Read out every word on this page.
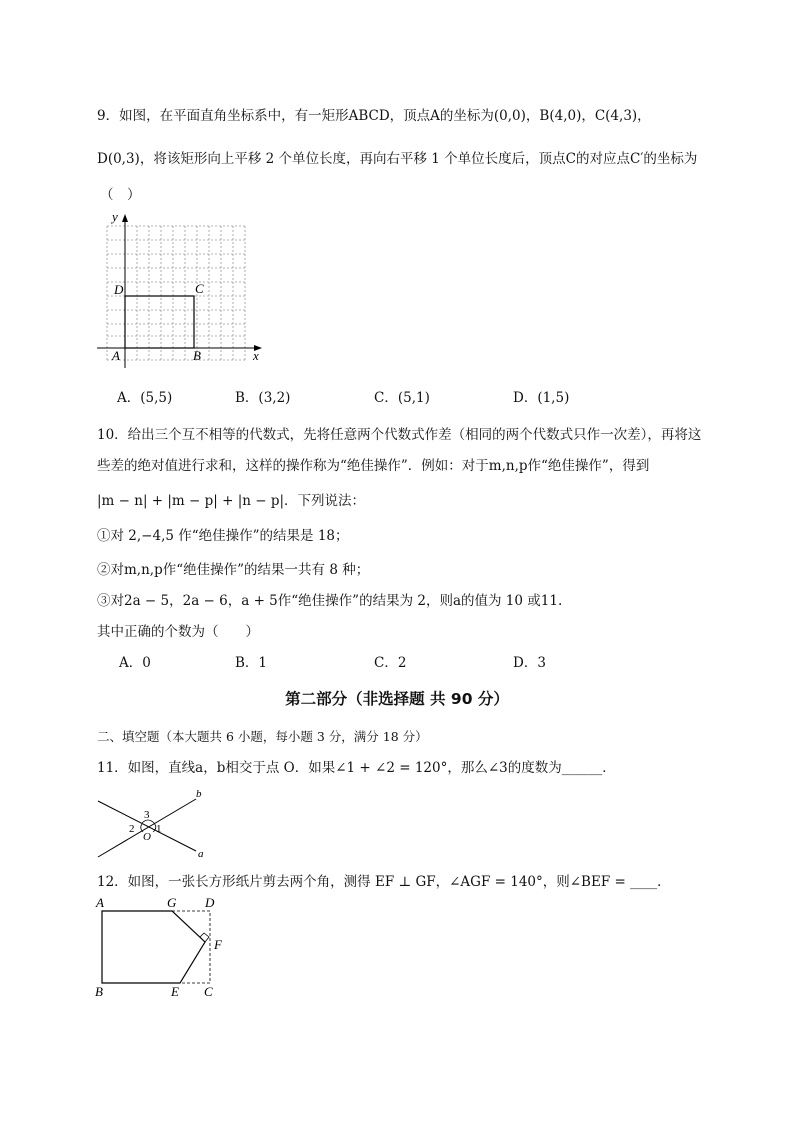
9．如图，在平面直角坐标系中，有一矩形ABCD，顶点A的坐标为(0,0)，B(4,0)，C(4,3)，
D(0,3)，将该矩形向上平移 2 个单位长度，再向右平移 1 个单位长度后，顶点C的对应点C′的坐标为
（　）
x
y
A	B
C
D
A．(5,5)	B．(3,2)	C．(5,1)	D．(1,5)
10．给出三个互不相等的代数式，先将任意两个代数式作差（相同的两个代数式只作一次差），再将这
些差的绝对值进行求和，这样的操作称为“绝佳操作”．例如：对于m,n,p作“绝佳操作”，得到
|m − n| + |m − p| + |n − p|．下列说法：
①对 2,−4,5 作“绝佳操作”的结果是 18；
②对m,n,p作“绝佳操作”的结果一共有 8 种；
③对2a − 5，2a − 6，a + 5作“绝佳操作”的结果为 2，则a的值为 10 或11.
其中正确的个数为（　　）
A．0	B．1	C．2	D．3
第二部分（非选择题 共 90 分）
二、填空题（本大题共 6 小题，每小题 3 分，满分 18 分）
11．如图，直线a，b相交于点 O．如果∠1 + ∠2 = 120°，那么∠3的度数为______．
b
a
3
2 1
O
12．如图，一张长方形纸片剪去两个角，测得 EF ⊥ GF，∠AGF = 140°，则∠BEF = ____．
A	G D
F
B	E C
